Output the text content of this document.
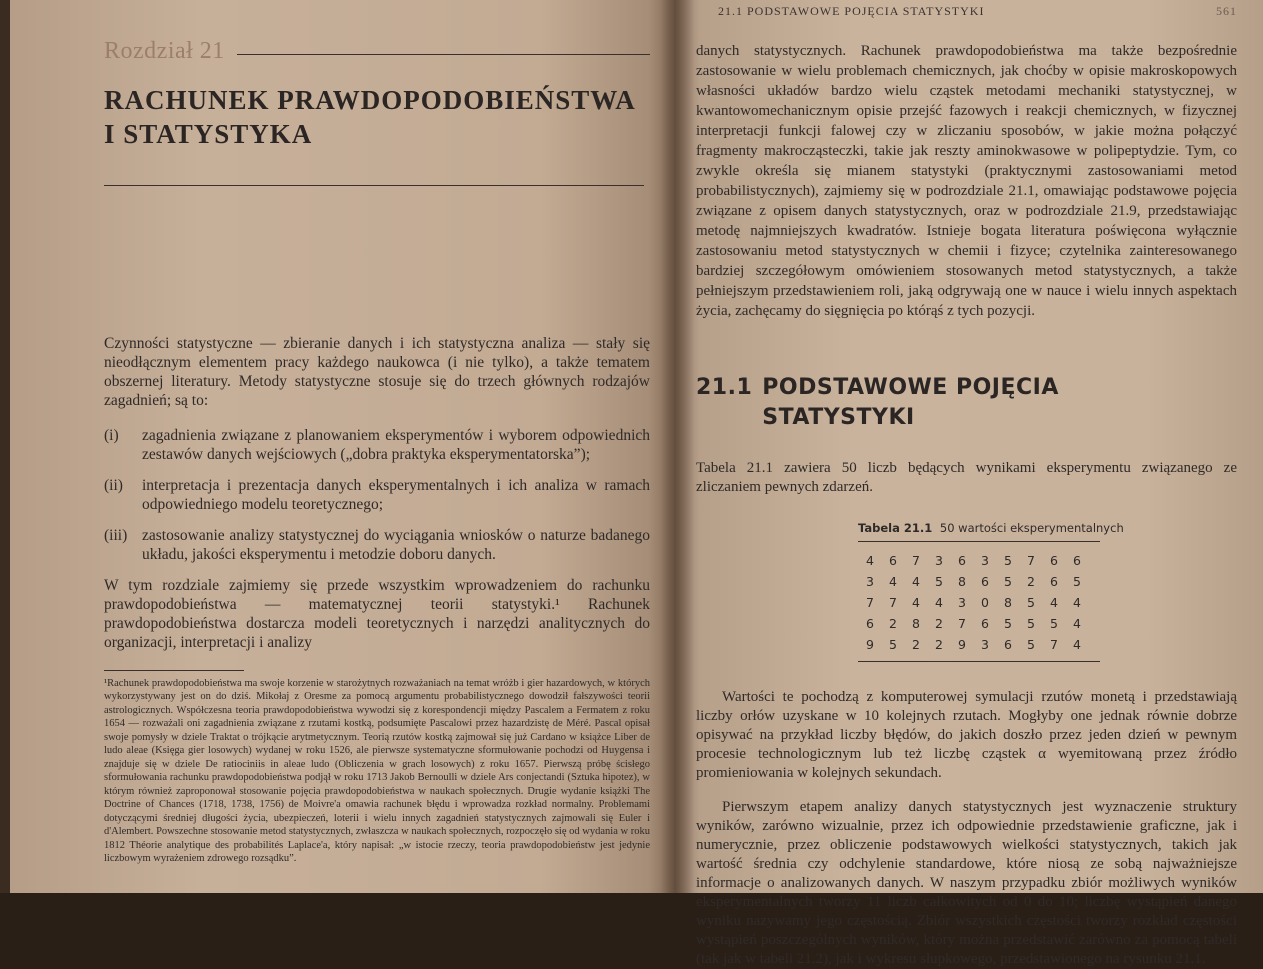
Rozdział 21
RACHUNEK PRAWDOPODOBIEŃSTWA
I STATYSTYKA

Czynności statystyczne — zbieranie danych i ich statystyczna analiza — stały się nieodłącznym elementem pracy każdego naukowca (i nie tylko), a także tematem obszernej literatury. Metody statystyczne stosuje się do trzech głównych rodzajów zagadnień; są to:

(i)	zagadnienia związane z planowaniem eksperymentów i wyborem odpowiednich zestawów danych wejściowych („dobra praktyka eksperymentatorska”);
(ii)	interpretacja i prezentacja danych eksperymentalnych i ich analiza w ramach odpowiedniego modelu teoretycznego;
(iii) zastosowanie analizy statystycznej do wyciągania wniosków o naturze badanego układu, jakości eksperymentu i metodzie doboru danych.

W tym rozdziale zajmiemy się przede wszystkim wprowadzeniem do rachunku prawdopodobieństwa — matematycznej teorii statystyki.¹ Rachunek prawdopodobieństwa dostarcza modeli teoretycznych i narzędzi analitycznych do organizacji, interpretacji i analizy

¹Rachunek prawdopodobieństwa ma swoje korzenie w starożytnych rozważaniach na temat wróżb i gier hazardowych, w których wykorzystywany jest on do dziś. Mikołaj z Oresme za pomocą argumentu probabilistycznego dowodził fałszywości teorii astrologicznych. Współczesna teoria prawdopodobieństwa wywodzi się z korespondencji między Pascalem a Fermatem z roku 1654 — rozważali oni zagadnienia związane z rzutami kostką, podsumięte Pascalowi przez hazardzistę de Méré. Pascal opisał swoje pomysły w dziele Traktat o trójkącie arytmetycznym. Teorią rzutów kostką zajmował się już Cardano w książce Liber de ludo aleae (Księga gier losowych) wydanej w roku 1526, ale pierwsze systematyczne sformułowanie pochodzi od Huygensa i znajduje się w dziele De ratiociniis in aleae ludo (Obliczenia w grach losowych) z roku 1657. Pierwszą próbę ścisłego sformułowania rachunku prawdopodobieństwa podjął w roku 1713 Jakob Bernoulli w dziele Ars conjectandi (Sztuka hipotez), w którym również zaproponował stosowanie pojęcia prawdopodobieństwa w naukach społecznych. Drugie wydanie książki The Doctrine of Chances (1718, 1738, 1756) de Moivre'a omawia rachunek błędu i wprowadza rozkład normalny. Problemami dotyczącymi średniej długości życia, ubezpieczeń, loterii i wielu innych zagadnień statystycznych zajmowali się Euler i d'Alembert. Powszechne stosowanie metod statystycznych, zwłaszcza w naukach społecznych, rozpoczęło się od wydania w roku 1812 Théorie analytique des probabilités Laplace'a, który napisał: „w istocie rzeczy, teoria prawdopodobieństw jest jedynie liczbowym wyrażeniem zdrowego rozsądku”.

21.1 PODSTAWOWE POJĘCIA STATYSTYKI	561

danych statystycznych. Rachunek prawdopodobieństwa ma także bezpośrednie zastosowanie w wielu problemach chemicznych, jak choćby w opisie makroskopowych własności układów bardzo wielu cząstek metodami mechaniki statystycznej, w kwantowomechanicznym opisie przejść fazowych i reakcji chemicznych, w fizycznej interpretacji funkcji falowej czy w zliczaniu sposobów, w jakie można połączyć fragmenty makrocząsteczki, takie jak reszty aminokwasowe w polipeptydzie. Tym, co zwykle określa się mianem statystyki (praktycznymi zastosowaniami metod probabilistycznych), zajmiemy się w podrozdziale 21.1, omawiając podstawowe pojęcia związane z opisem danych statystycznych, oraz w podrozdziale 21.9, przedstawiając metodę najmniejszych kwadratów. Istnieje bogata literatura poświęcona wyłącznie zastosowaniu metod statystycznych w chemii i fizyce; czytelnika zainteresowanego bardziej szczegółowym omówieniem stosowanych metod statystycznych, a także pełniejszym przedstawieniem roli, jaką odgrywają one w nauce i wielu innych aspektach życia, zachęcamy do sięgnięcia po którąś z tych pozycji.

21.1 PODSTAWOWE POJĘCIA
STATYSTYKI

Tabela 21.1 zawiera 50 liczb będących wynikami eksperymentu związanego ze zliczaniem pewnych zdarzeń.

Tabela 21.1 50 wartości eksperymentalnych
4	6	7	3	6	3	5	7	6	6
3	4	4	5	8	6	5	2	6	5
7	7	4	4	3	0	8	5	4	4
6	2	8	2	7	6	5	5	5	4
9	5	2	2	9	3	6	5	7	4

Wartości te pochodzą z komputerowej symulacji rzutów monetą i przedstawiają liczby orłów uzyskane w 10 kolejnych rzutach. Mogłyby one jednak równie dobrze opisywać na przykład liczby błędów, do jakich doszło przez jeden dzień w pewnym procesie technologicznym lub też liczbę cząstek α wyemitowaną przez źródło promieniowania w kolejnych sekundach.

Pierwszym etapem analizy danych statystycznych jest wyznaczenie struktury wyników, zarówno wizualnie, przez ich odpowiednie przedstawienie graficzne, jak i numerycznie, przez obliczenie podstawowych wielkości statystycznych, takich jak wartość średnia czy odchylenie standardowe, które niosą ze sobą najważniejsze informacje o analizowanych danych. W naszym przypadku zbiór możliwych wyników eksperymentalnych tworzy 11 liczb całkowitych od 0 do 10; liczbę wystąpień danego wyniku nazywamy jego częstością. Zbiór wszystkich częstości tworzy rozkład częstości wystąpień poszczególnych wyników, który można przedstawić zarówno za pomocą tabeli (tak jak w tabeli 21.2), jak i wykresu słupkowego, przedstawionego na rysunku 21.1.
